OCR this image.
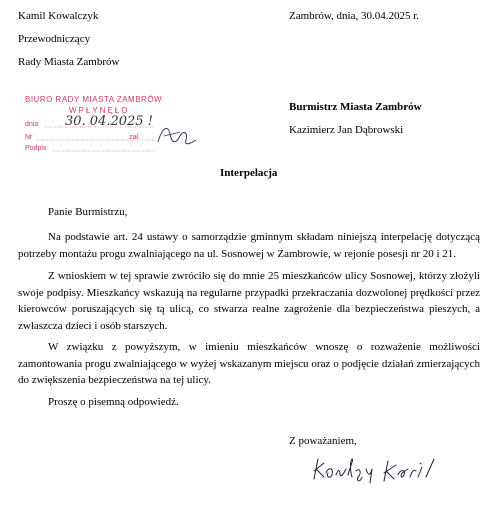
Kamil Kowalczyk
Przewodniczący
Rady Miasta Zambrów
Zambrów, dnia, 30.04.2025 r.
BIURO RADY MIASTA ZAMBRÓW
WPŁYNĘŁO
dnia 30. 04.2025 !
Nr	zał.
Podpis
Burmistrz Miasta Zambrów
Kazimierz Jan Dąbrowski
Interpelacja
Panie Burmistrzu,
Na podstawie art. 24 ustawy o samorządzie gminnym składam niniejszą interpelację dotyczącą potrzeby montażu progu zwalniającego na ul. Sosnowej w Zambrowie, w rejonie posesji nr 20 i 21.
Z wnioskiem w tej sprawie zwróciło się do mnie 25 mieszkańców ulicy Sosnowej, którzy złożyli swoje podpisy. Mieszkańcy wskazują na regularne przypadki przekraczania dozwolonej prędkości przez kierowców poruszających się tą ulicą, co stwarza realne zagrożenie dla bezpieczeństwa pieszych, a zwłaszcza dzieci i osób starszych.
W związku z powyższym, w imieniu mieszkańców wnoszę o rozważenie możliwości zamontowania progu zwalniającego w wyżej wskazanym miejscu oraz o podjęcie działań zmierzających do zwiększenia bezpieczeństwa na tej ulicy.
Proszę o pisemną odpowiedź.
Z poważaniem,
